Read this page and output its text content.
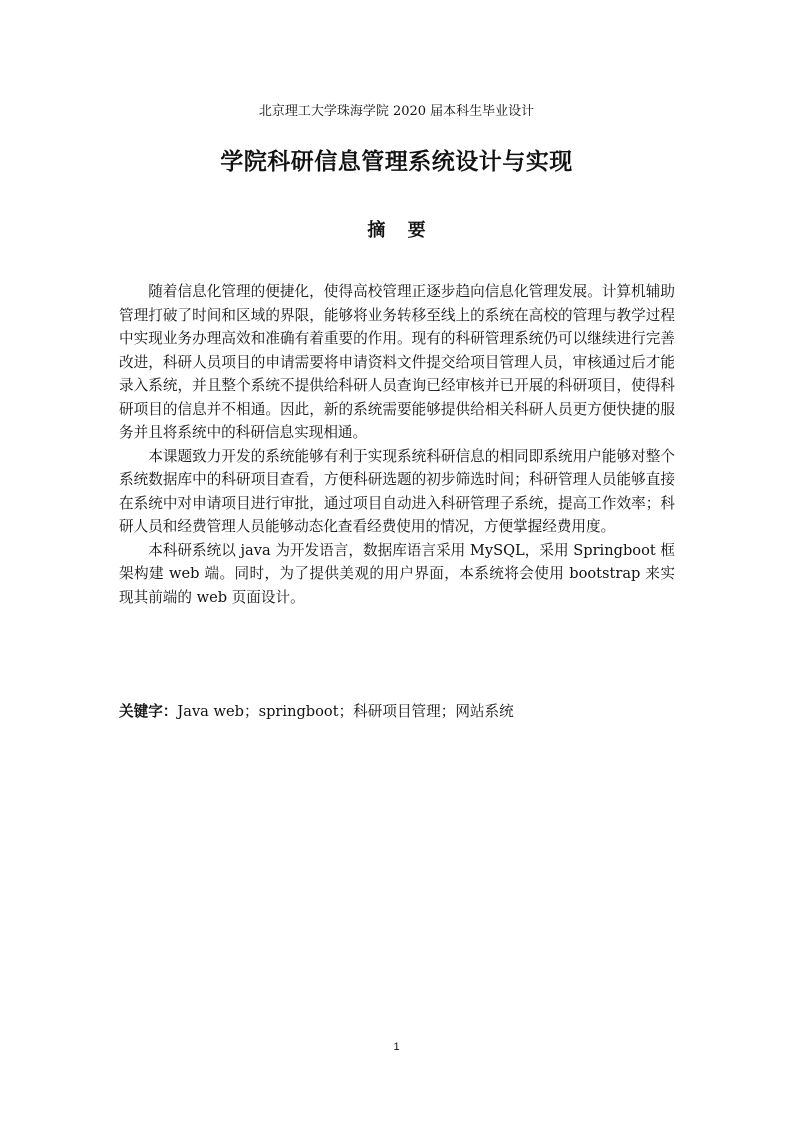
北京理工大学珠海学院 2020 届本科生毕业设计
学院科研信息管理系统设计与实现
摘 要

随着信息化管理的便捷化，使得高校管理正逐步趋向信息化管理发展。计算机辅助管理打破了时间和区域的界限，能够将业务转移至线上的系统在高校的管理与教学过程中实现业务办理高效和准确有着重要的作用。现有的科研管理系统仍可以继续进行完善改进，科研人员项目的申请需要将申请资料文件提交给项目管理人员，审核通过后才能录入系统，并且整个系统不提供给科研人员查询已经审核并已开展的科研项目，使得科研项目的信息并不相通。因此，新的系统需要能够提供给相关科研人员更方便快捷的服务并且将系统中的科研信息实现相通。

本课题致力开发的系统能够有利于实现系统科研信息的相同即系统用户能够对整个系统数据库中的科研项目查看，方便科研选题的初步筛选时间；科研管理人员能够直接在系统中对申请项目进行审批，通过项目自动进入科研管理子系统，提高工作效率；科研人员和经费管理人员能够动态化查看经费使用的情况，方便掌握经费用度。

本科研系统以 java 为开发语言，数据库语言采用 MySQL，采用 Springboot 框架构建 web 端。同时，为了提供美观的用户界面，本系统将会使用 bootstrap 来实现其前端的 web 页面设计。

关键字：Java web；springboot；科研项目管理；网站系统
1
